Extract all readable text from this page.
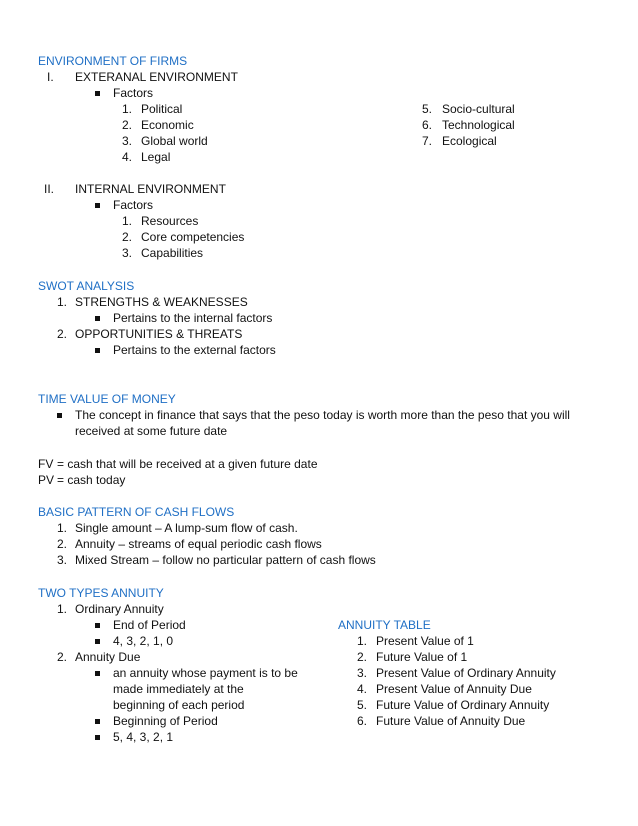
ENVIRONMENT OF FIRMS
I. EXTERANAL ENVIRONMENT
Factors
1. Political
2. Economic
3. Global world
4. Legal
5. Socio-cultural
6. Technological
7. Ecological
II. INTERNAL ENVIRONMENT
Factors
1. Resources
2. Core competencies
3. Capabilities
SWOT ANALYSIS
1. STRENGTHS & WEAKNESSES
Pertains to the internal factors
2. OPPORTUNITIES & THREATS
Pertains to the external factors
TIME VALUE OF MONEY
The concept in finance that says that the peso today is worth more than the peso that you will
received at some future date
FV = cash that will be received at a given future date
PV = cash today
BASIC PATTERN OF CASH FLOWS
1. Single amount – A lump-sum flow of cash.
2. Annuity – streams of equal periodic cash flows
3. Mixed Stream – follow no particular pattern of cash flows
TWO TYPES ANNUITY
1. Ordinary Annuity
End of Period
4, 3, 2, 1, 0
2. Annuity Due
an annuity whose payment is to be
made immediately at the
beginning of each period
Beginning of Period
5, 4, 3, 2, 1
ANNUITY TABLE
1. Present Value of 1
2. Future Value of 1
3. Present Value of Ordinary Annuity
4. Present Value of Annuity Due
5. Future Value of Ordinary Annuity
6. Future Value of Annuity Due
